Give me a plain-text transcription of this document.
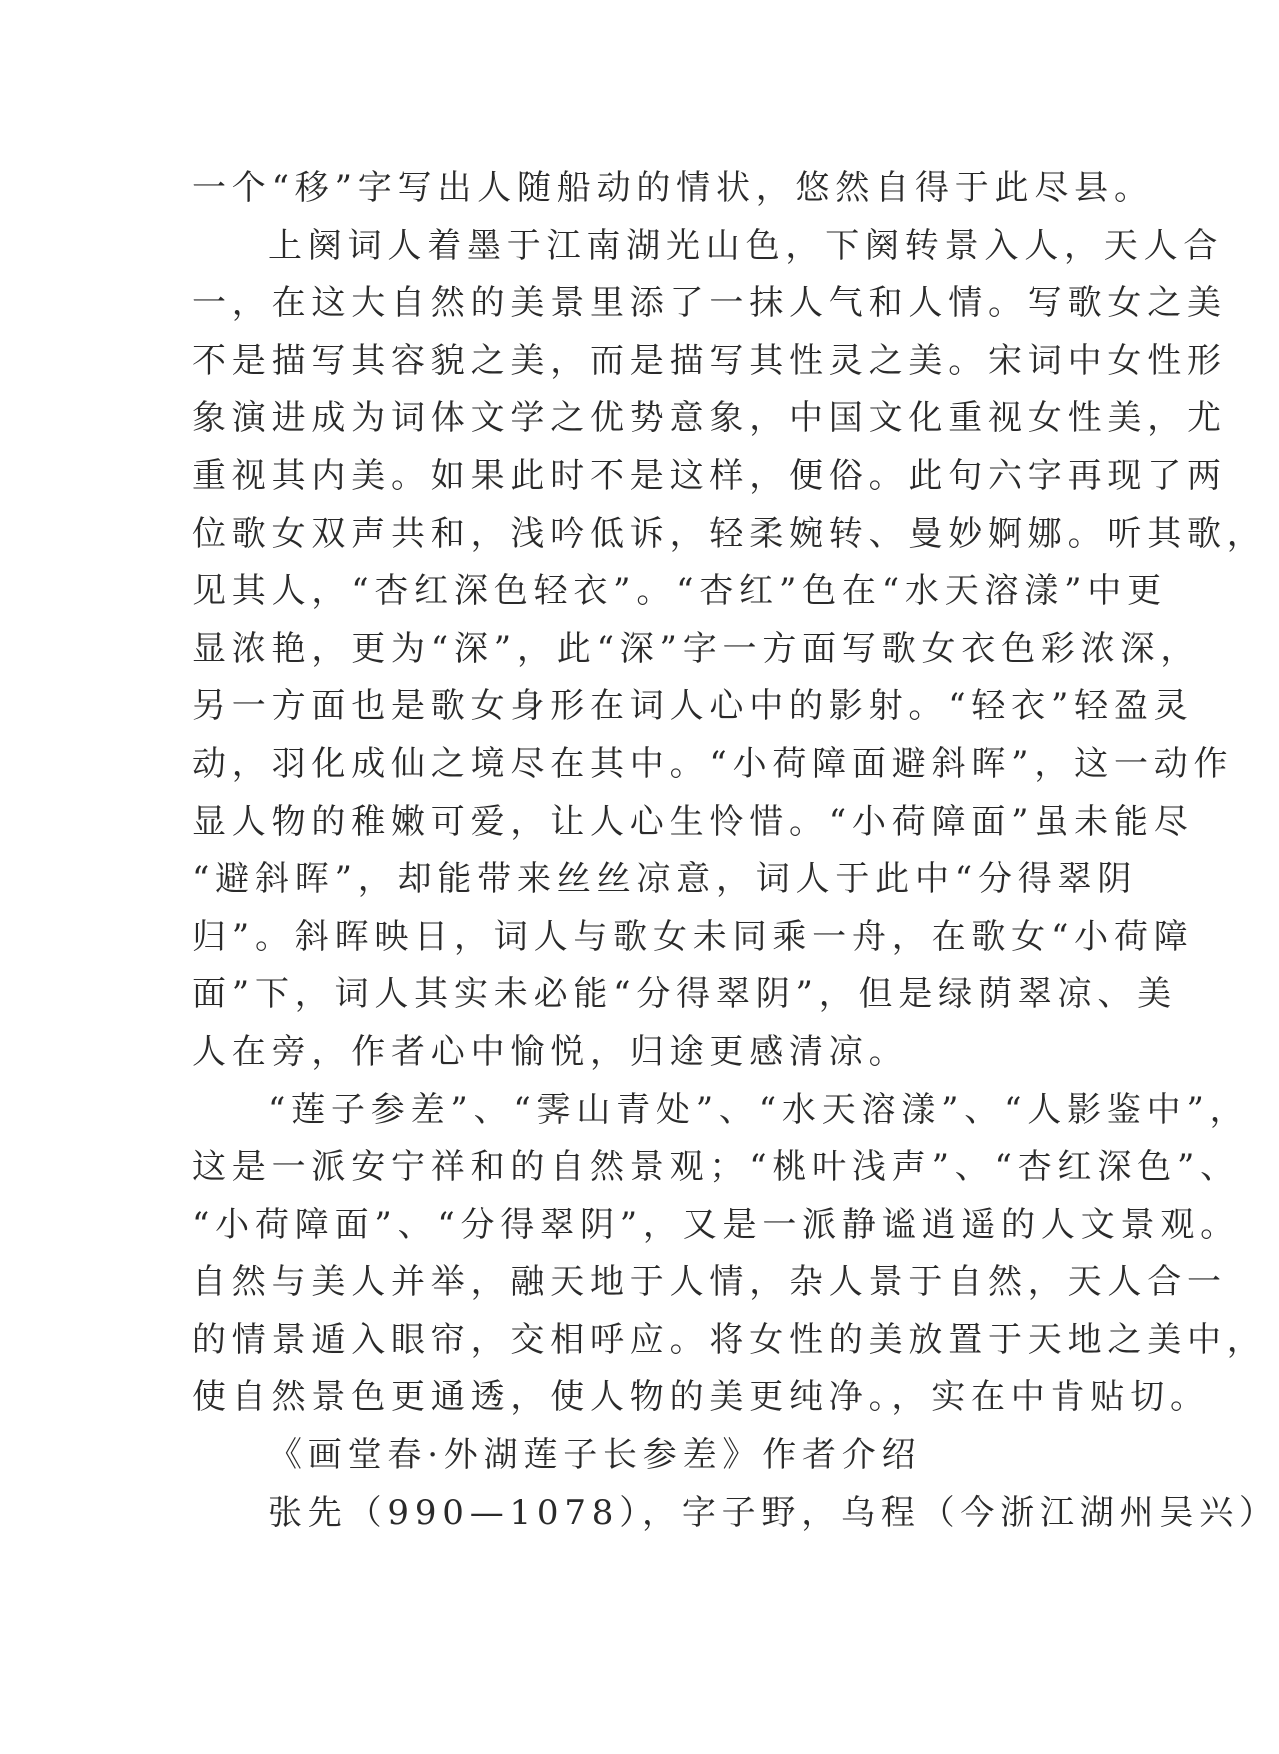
一个“移”字写出人随船动的情状，悠然自得于此尽县。
上阕词人着墨于江南湖光山色，下阕转景入人，天人合
一，在这大自然的美景里添了一抹人气和人情。写歌女之美
不是描写其容貌之美，而是描写其性灵之美。宋词中女性形
象演进成为词体文学之优势意象，中国文化重视女性美，尤
重视其内美。如果此时不是这样，便俗。此句六字再现了两
位歌女双声共和，浅吟低诉，轻柔婉转、曼妙婀娜。听其歌，
见其人，“杏红深色轻衣”。“杏红”色在“水天溶漾”中更
显浓艳，更为“深”，此“深”字一方面写歌女衣色彩浓深，
另一方面也是歌女身形在词人心中的影射。“轻衣”轻盈灵
动，羽化成仙之境尽在其中。“小荷障面避斜晖”，这一动作
显人物的稚嫩可爱，让人心生怜惜。“小荷障面”虽未能尽
“避斜晖”，却能带来丝丝凉意，词人于此中“分得翠阴
归”。斜晖映日，词人与歌女未同乘一舟，在歌女“小荷障
面”下，词人其实未必能“分得翠阴”，但是绿荫翠凉、美
人在旁，作者心中愉悦，归途更感清凉。
“莲子参差”、“霁山青处”、“水天溶漾”、“人影鉴中”，
这是一派安宁祥和的自然景观；“桃叶浅声”、“杏红深色”、
“小荷障面”、“分得翠阴”，又是一派静谧逍遥的人文景观。
自然与美人并举，融天地于人情，杂人景于自然，天人合一
的情景遁入眼帘，交相呼应。将女性的美放置于天地之美中，
使自然景色更通透，使人物的美更纯净。，实在中肯贴切。
《画堂春·外湖莲子长参差》作者介绍
张先（990—1078），字子野，乌程（今浙江湖州吴兴）
